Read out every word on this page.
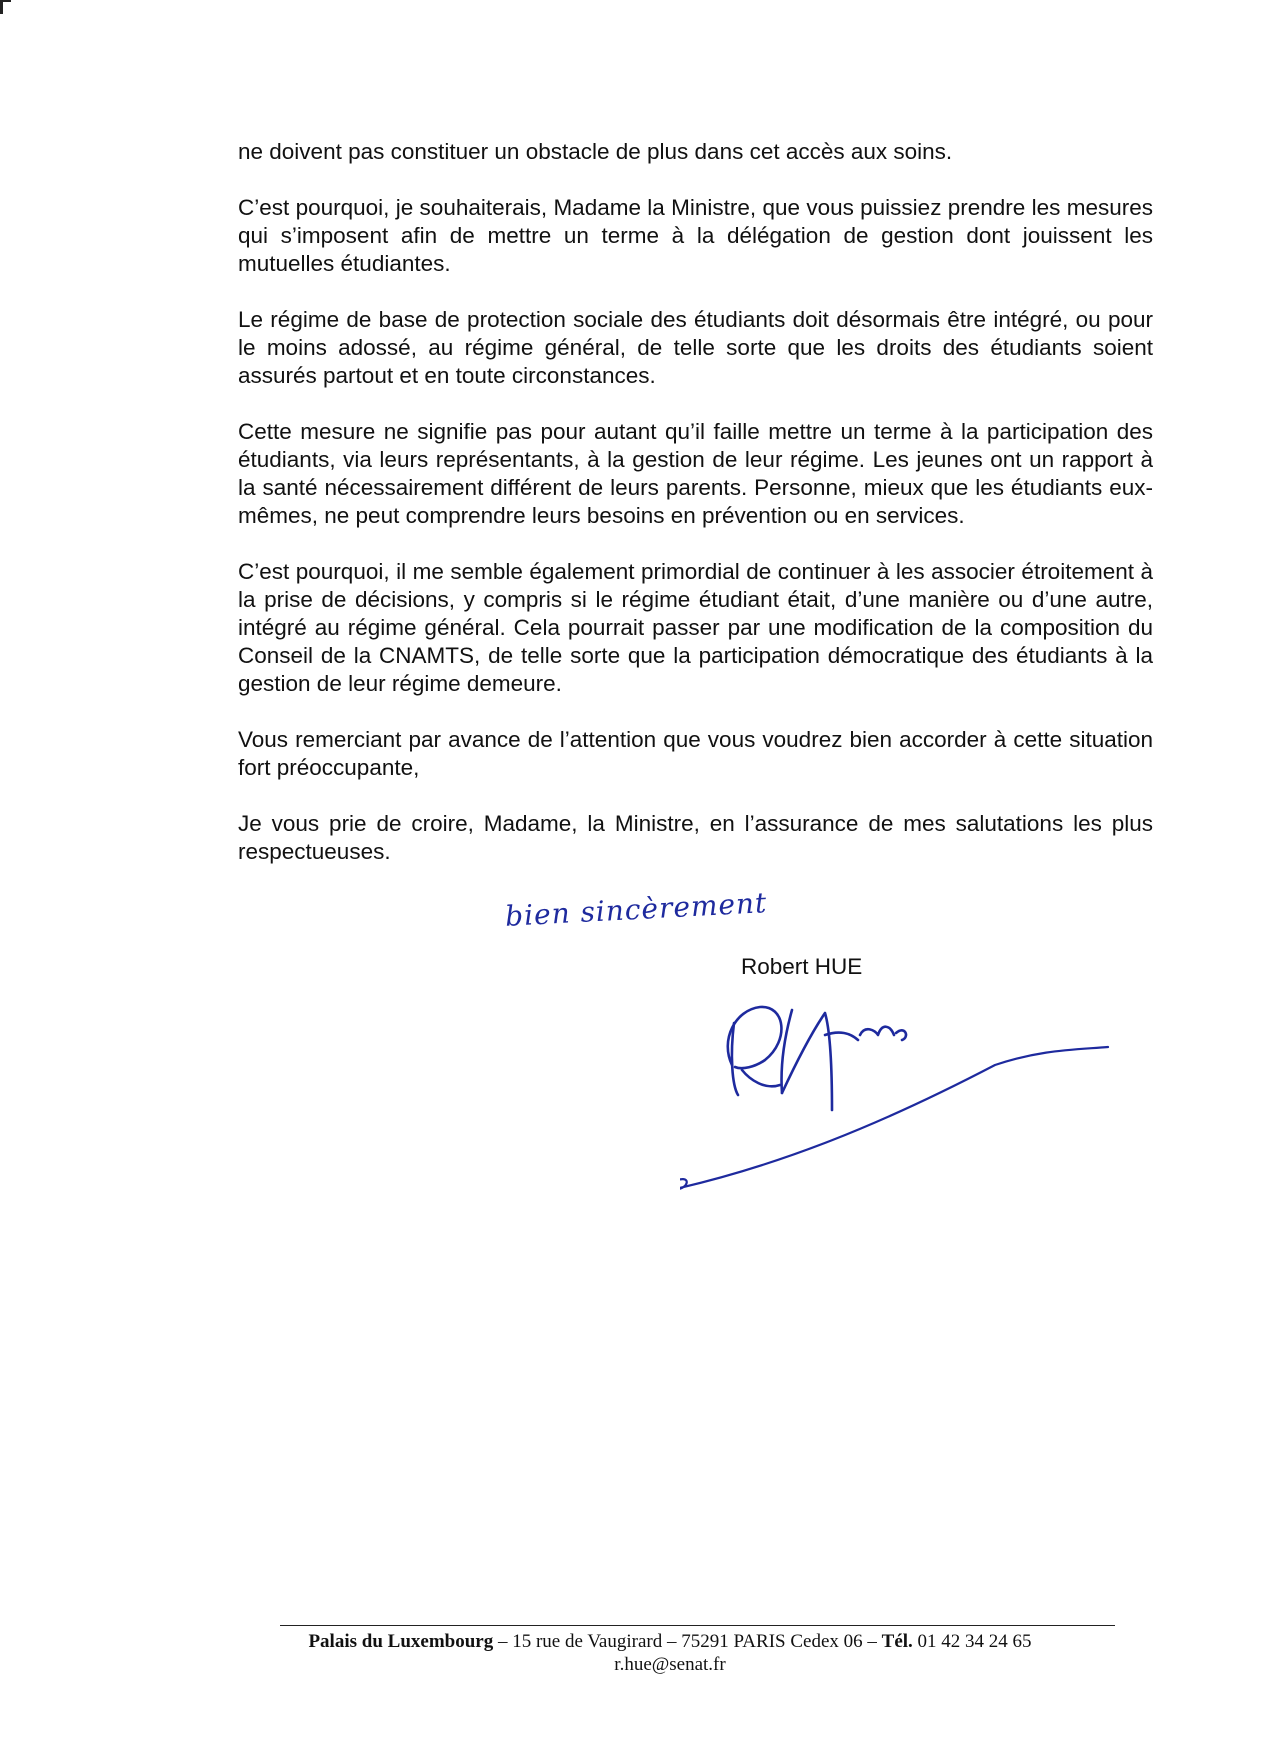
ne doivent pas constituer un obstacle de plus dans cet accès aux soins.

C’est pourquoi, je souhaiterais, Madame la Ministre, que vous puissiez prendre les mesures qui s’imposent afin de mettre un terme à la délégation de gestion dont jouissent les mutuelles étudiantes.

Le régime de base de protection sociale des étudiants doit désormais être intégré, ou pour le moins adossé, au régime général, de telle sorte que les droits des étudiants soient assurés partout et en toute circonstances.

Cette mesure ne signifie pas pour autant qu’il faille mettre un terme à la participation des étudiants, via leurs représentants, à la gestion de leur régime. Les jeunes ont un rapport à la santé nécessairement différent de leurs parents. Personne, mieux que les étudiants eux-mêmes, ne peut comprendre leurs besoins en prévention ou en services.

C’est pourquoi, il me semble également primordial de continuer à les associer étroitement à la prise de décisions, y compris si le régime étudiant était, d’une manière ou d’une autre, intégré au régime général. Cela pourrait passer par une modification de la composition du Conseil de la CNAMTS, de telle sorte que la participation démocratique des étudiants à la gestion de leur régime demeure.

Vous remerciant par avance de l’attention que vous voudrez bien accorder à cette situation fort préoccupante,

Je vous prie de croire, Madame, la Ministre, en l’assurance de mes salutations les plus respectueuses.

bien sincèrement
Robert HUE
Palais du Luxembourg – 15 rue de Vaugirard – 75291 PARIS Cedex 06 – Tél. 01 42 34 24 65
r.hue@senat.fr
